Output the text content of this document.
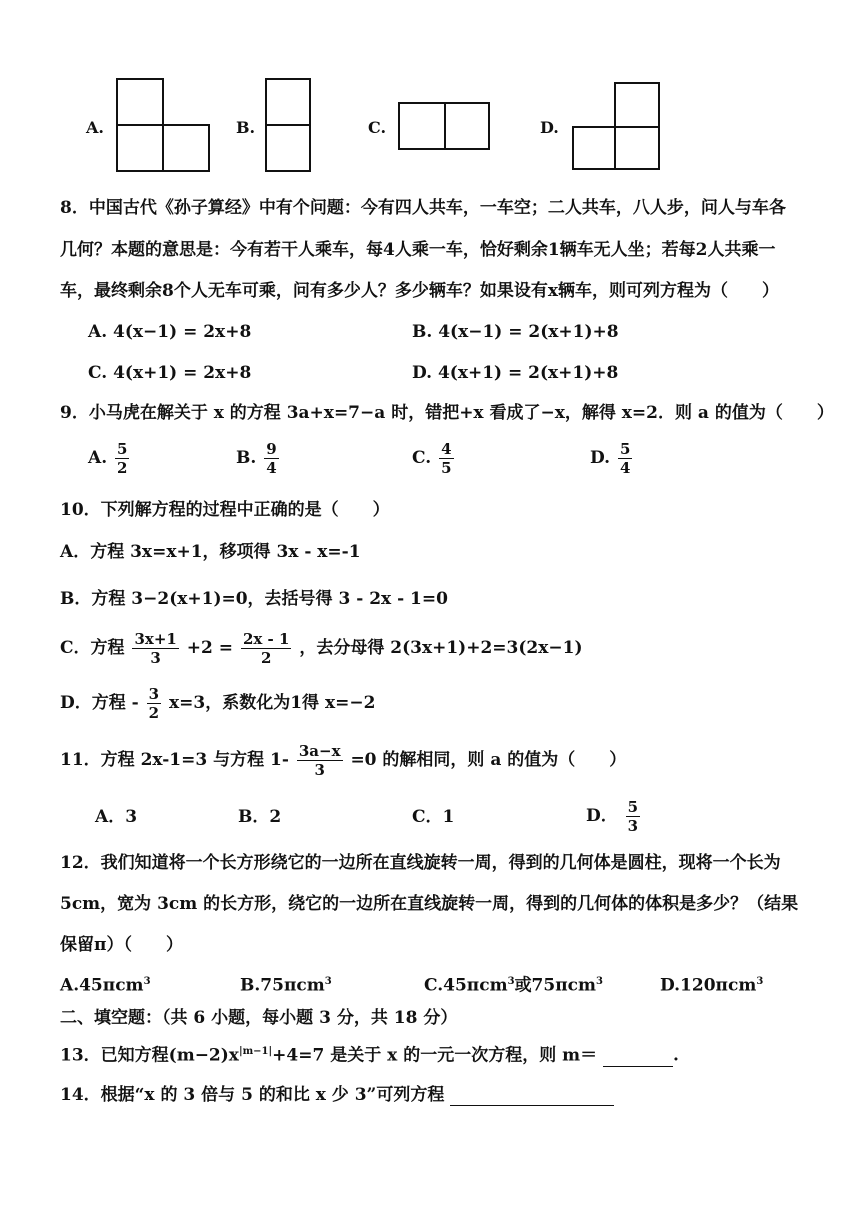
A.	B.	C.	D.
8．中国古代《孙子算经》中有个问题：今有四人共车，一车空；二人共车，八人步，问人与车各
几何？本题的意思是：今有若干人乘车，每4人乘一车，恰好剩余1辆车无人坐；若每2人共乘一
车，最终剩余8个人无车可乘，问有多少人？多少辆车？如果设有x辆车，则可列方程为（　　）
A. 4(x−1) = 2x+8	B. 4(x−1) = 2(x+1)+8
C. 4(x+1) = 2x+8	D. 4(x+1) = 2(x+1)+8
9．小马虎在解关于 x 的方程 3a+x=7−a 时，错把+x 看成了−x，解得 x=2．则 a 的值为（　　）
A. $\frac{5}{2}$	B. $\frac{9}{4}$	C. $\frac{4}{5}$	D. $\frac{5}{4}$
10．下列解方程的过程中正确的是（　　）
A．方程 3x=x+1，移项得 3x - x=-1
B．方程 3−2(x+1)=0，去括号得 3 - 2x - 1=0
C．方程 $\frac{3x+1}{3} +2 = \frac{2x - 1}{2}$ ，去分母得 2(3x+1)+2=3(2x−1)
D．方程 - $\frac{3}{2} x=3$，系数化为1得 x=−2
11．方程 2x-1=3 与方程 $1- \frac{3a-x}{3} =0$ 的解相同，则 a 的值为（　　）
A．3	B．2	C．1	D． $\frac{5}{3}$
12．我们知道将一个长方形绕它的一边所在直线旋转一周，得到的几何体是圆柱，现将一个长为
5cm，宽为 3cm 的长方形，绕它的一边所在直线旋转一周，得到的几何体的体积是多少？（结果
保留π）（　　）
A.45πcm$^3$	B.75πcm$^3$	C.45πcm$^3$或75πcm$^3$	D.120πcm$^3$
二、填空题：（共 6 小题，每小题 3 分，共 18 分）
13．已知方程$(m-2)x^{|m-1|}+4=7$ 是关于 x 的一元一次方程，则 m＝	.
14．根据“x 的 3 倍与 5 的和比 x 少 3”可列方程
